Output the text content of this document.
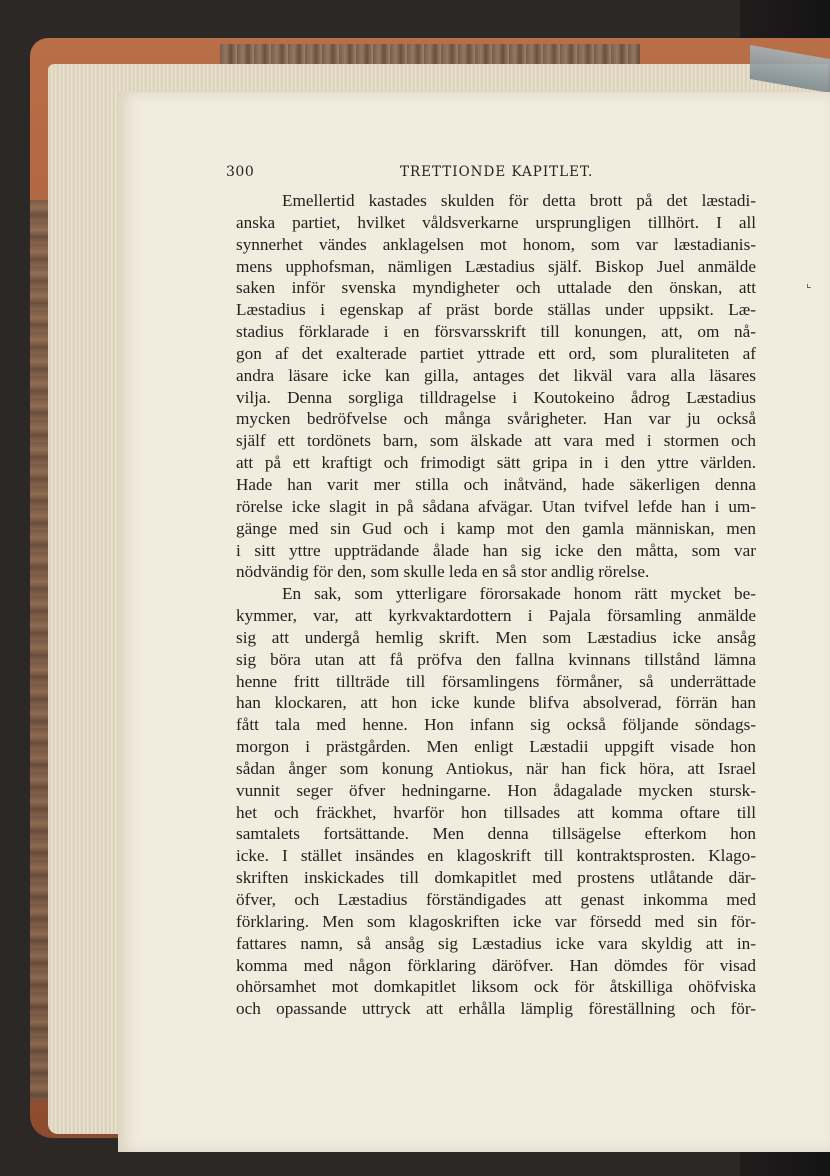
300	TRETTIONDE KAPITLET.
⌞
Emellertid kastades skulden för detta brott på det læstadi-
anska partiet, hvilket våldsverkarne ursprungligen tillhört. I all
synnerhet vändes anklagelsen mot honom, som var læstadianis-
mens upphofsman, nämligen Læstadius själf. Biskop Juel anmälde
saken inför svenska myndigheter och uttalade den önskan, att
Læstadius i egenskap af präst borde ställas under uppsikt. Læ-
stadius förklarade i en försvarsskrift till konungen, att, om nå-
gon af det exalterade partiet yttrade ett ord, som pluraliteten af
andra läsare icke kan gilla, antages det likväl vara alla läsares
vilja. Denna sorgliga tilldragelse i Koutokeino ådrog Læstadius
mycken bedröfvelse och många svårigheter. Han var ju också
själf ett tordönets barn, som älskade att vara med i stormen och
att på ett kraftigt och frimodigt sätt gripa in i den yttre världen.
Hade han varit mer stilla och inåtvänd, hade säkerligen denna
rörelse icke slagit in på sådana afvägar. Utan tvifvel lefde han i um-
gänge med sin Gud och i kamp mot den gamla människan, men
i sitt yttre uppträdande ålade han sig icke den måtta, som var
nödvändig för den, som skulle leda en så stor andlig rörelse.
En sak, som ytterligare förorsakade honom rätt mycket be-
kymmer, var, att kyrkvaktardottern i Pajala församling anmälde
sig att undergå hemlig skrift. Men som Læstadius icke ansåg
sig böra utan att få pröfva den fallna kvinnans tillstånd lämna
henne fritt tillträde till församlingens förmåner, så underrättade
han klockaren, att hon icke kunde blifva absolverad, förrän han
fått tala med henne. Hon infann sig också följande söndags-
morgon i prästgården. Men enligt Læstadii uppgift visade hon
sådan ånger som konung Antiokus, när han fick höra, att Israel
vunnit seger öfver hedningarne. Hon ådagalade mycken stursk-
het och fräckhet, hvarför hon tillsades att komma oftare till
samtalets fortsättande. Men denna tillsägelse efterkom hon
icke. I stället insändes en klagoskrift till kontraktsprosten. Klago-
skriften inskickades till domkapitlet med prostens utlåtande där-
öfver, och Læstadius förständigades att genast inkomma med
förklaring. Men som klagoskriften icke var försedd med sin för-
fattares namn, så ansåg sig Læstadius icke vara skyldig att in-
komma med någon förklaring däröfver. Han dömdes för visad
ohörsamhet mot domkapitlet liksom ock för åtskilliga ohöfviska
och opassande uttryck att erhålla lämplig föreställning och för-
